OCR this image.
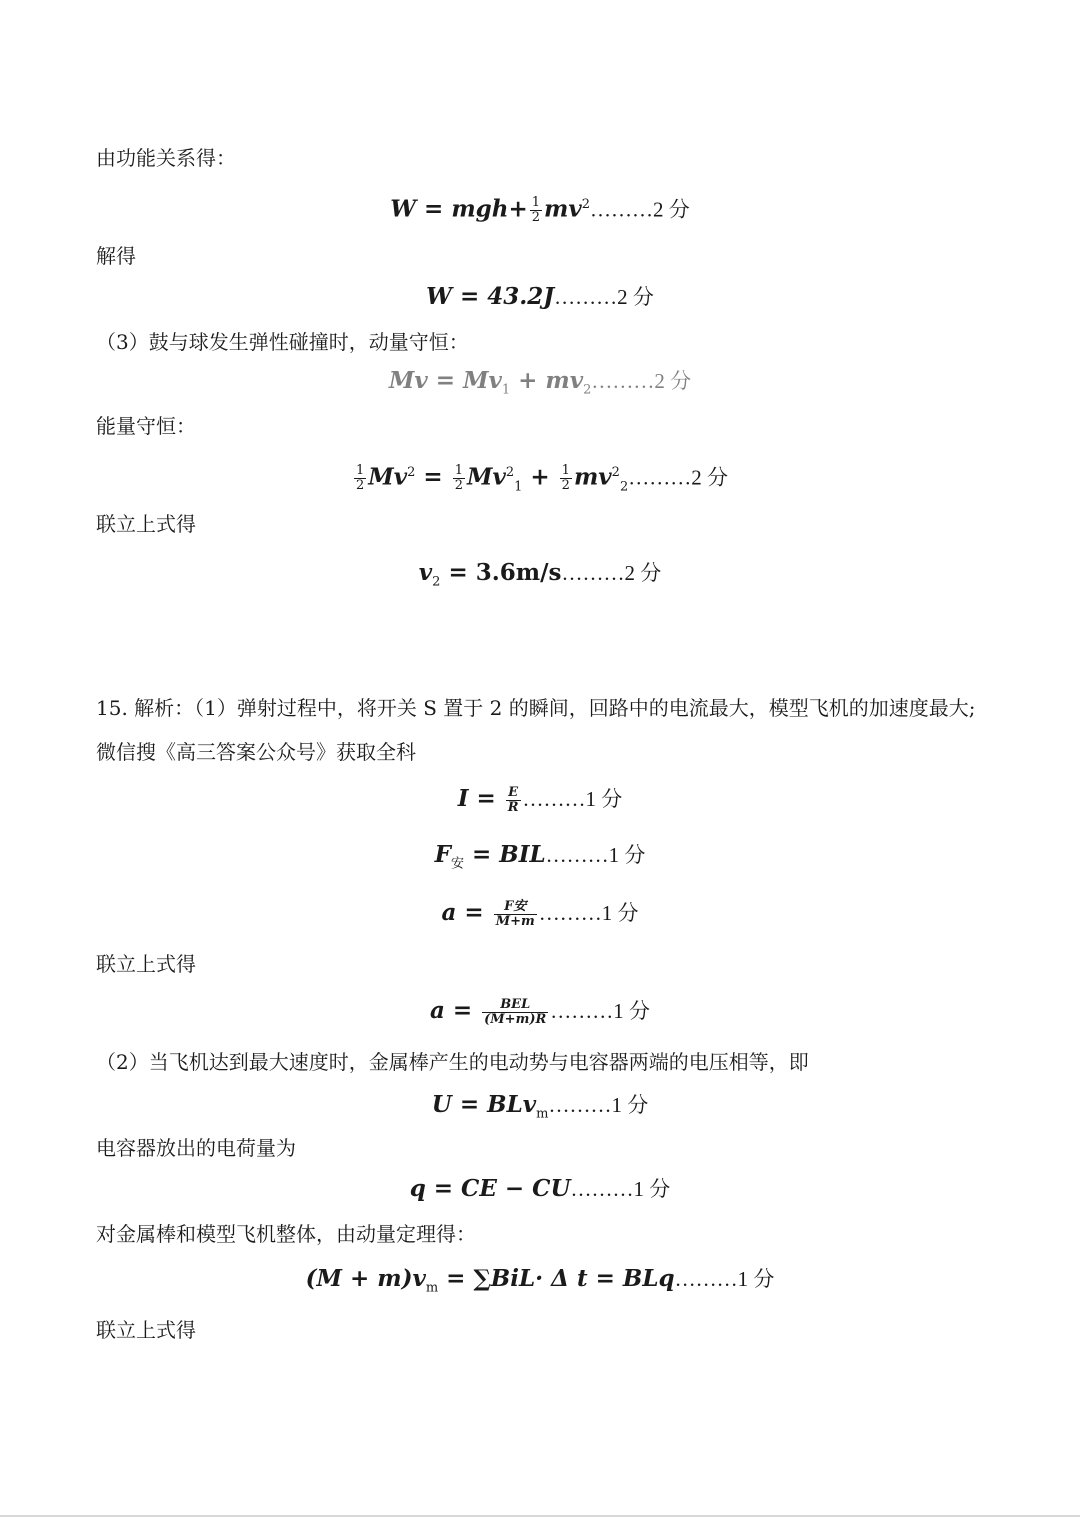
由功能关系得：
$W = mgh+ \frac{1}{2}$ $mv^2\dots\dots\dots 2$ 分
解得
W = 43.2J………2 分
（3）鼓与球发生弹性碰撞时，动量守恒：
$Mv = Mv_1$ + $mv_2\dots\dots\dots 2$ 分
能量守恒：
$\frac{1}{2} Mv^2 = \frac{1}{2} Mv^2_1 + \frac{1}{2}$ $mv^2_2\dots\dots\dots 2$ 分
联立上式得
$v_2$ = 3.6m/s………2 分
15. 解析：（1）弹射过程中，将开关 S 置于 2 的瞬间，回路中的电流最大，模型飞机的加速度最大;微信搜《高三答案公众号》获取全科
$I = \frac{E}{R}$ ………1 分
$F_安$ = BIL………1 分
$a = \frac{\text{F安}}{M+m}$ ………1 分
联立上式得
$a = \frac{\text{BEL}}{(M+m)R}$ ………1 分
（2）当飞机达到最大速度时，金属棒产生的电动势与电容器两端的电压相等，即
U = BLv$_m$………1 分
电容器放出的电荷量为
q = CE − CU………1 分
对金属棒和模型飞机整体，由动量定理得：
$(M + m)v_m = \sum BiL\cdot \Delta$ t = BLq………1 分
联立上式得
